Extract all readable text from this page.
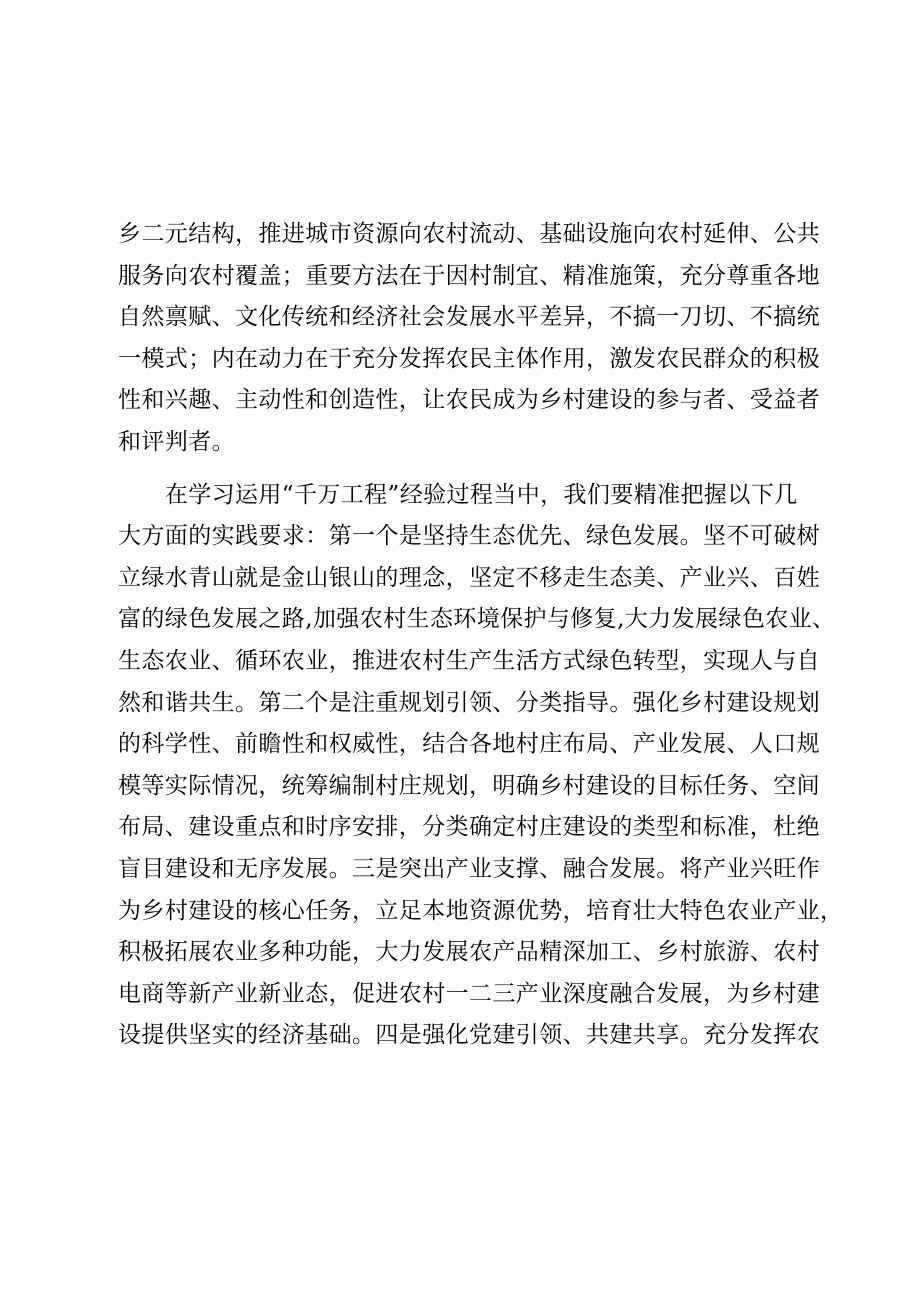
乡二元结构，推进城市资源向农村流动、基础设施向农村延伸、公共
服务向农村覆盖；重要方法在于因村制宜、精准施策，充分尊重各地
自然禀赋、文化传统和经济社会发展水平差异，不搞一刀切、不搞统
一模式；内在动力在于充分发挥农民主体作用，激发农民群众的积极
性和兴趣、主动性和创造性，让农民成为乡村建设的参与者、受益者
和评判者。
　　在学习运用“千万工程”经验过程当中，我们要精准把握以下几
大方面的实践要求：第一个是坚持生态优先、绿色发展。坚不可破树
立绿水青山就是金山银山的理念，坚定不移走生态美、产业兴、百姓
富的绿色发展之路,加强农村生态环境保护与修复,大力发展绿色农业、
生态农业、循环农业，推进农村生产生活方式绿色转型，实现人与自
然和谐共生。第二个是注重规划引领、分类指导。强化乡村建设规划
的科学性、前瞻性和权威性，结合各地村庄布局、产业发展、人口规
模等实际情况，统筹编制村庄规划，明确乡村建设的目标任务、空间
布局、建设重点和时序安排，分类确定村庄建设的类型和标准，杜绝
盲目建设和无序发展。三是突出产业支撑、融合发展。将产业兴旺作
为乡村建设的核心任务，立足本地资源优势，培育壮大特色农业产业，
积极拓展农业多种功能，大力发展农产品精深加工、乡村旅游、农村
电商等新产业新业态，促进农村一二三产业深度融合发展，为乡村建
设提供坚实的经济基础。四是强化党建引领、共建共享。充分发挥农
